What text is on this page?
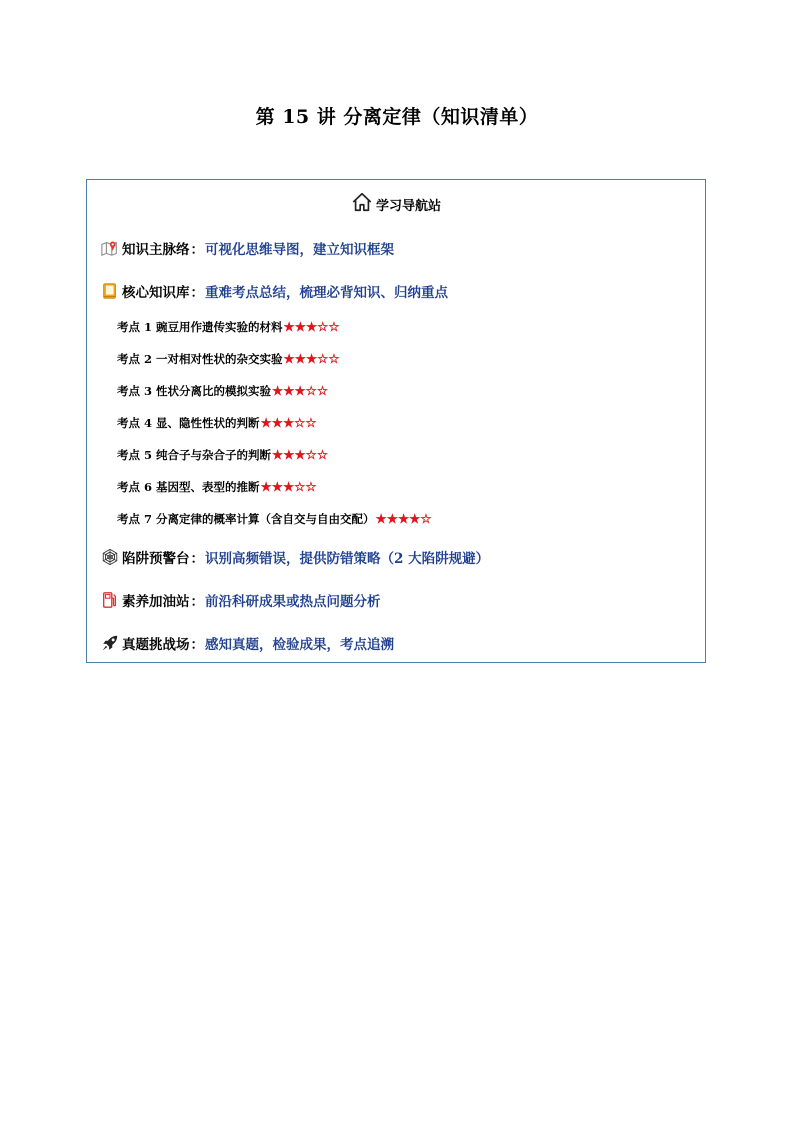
第 15 讲 分离定律（知识清单）
学习导航站
知识主脉络 ： 可视化思维导图，建立知识框架
核心知识库 ： 重难考点总结，梳理必背知识、归纳重点
考点 1 豌豆用作遗传实验的材料 ★ ★ ★ ☆ ☆
考点 2 一对相对性状的杂交实验 ★ ★ ★ ☆ ☆
考点 3 性状分离比的模拟实验 ★ ★ ★ ☆ ☆
考点 4 显、隐性性状的判断 ★ ★ ★ ☆ ☆
考点 5 纯合子与杂合子的判断 ★ ★ ★ ☆ ☆
考点 6 基因型、表型的推断 ★ ★ ★ ☆ ☆
考点 7 分离定律的概率计算（含自交与自由交配） ★ ★ ★ ★ ☆
陷阱预警台 ： 识别高频错误，提供防错策略（2 大陷阱规避）
素养加油站 ： 前沿科研成果或热点问题分析
真题挑战场 ： 感知真题，检验成果，考点追溯
